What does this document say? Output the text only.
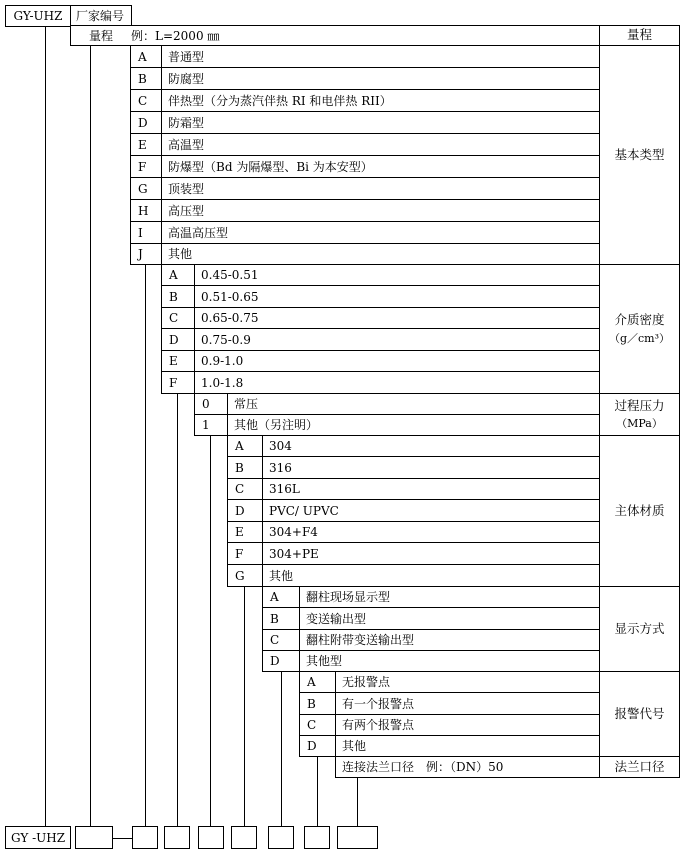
GY-UHZ 厂家编号
量程 例：L=2000 ㎜	量程
A 普通型
B 防腐型
C 伴热型（分为蒸汽伴热 RI 和电伴热 RII）
D 防霜型
E 高温型
F 防爆型（Bd 为隔爆型、Bi 为本安型）
G 顶装型
H 高压型
I 高温高压型
J 其他
基本类型
A 0.45-0.51
B 0.51-0.65
C 0.65-0.75
D 0.75-0.9
E 0.9-1.0
F 1.0-1.8
介质密度
（g／cm³）
0 常压
1 其他（另注明）
过程压力
（MPa）
A 304
B 316
C 316L
D PVC/ UPVC
E 304+F4
F 304+PE
G 其他
主体材质
A 翻柱现场显示型
B 变送输出型
C 翻柱附带变送输出型
D 其他型
显示方式
A 无报警点
B 有一个报警点
C 有两个报警点
D 其他
报警代号
连接法兰口径　例：（DN）50	法兰口径
GY -UHZ
